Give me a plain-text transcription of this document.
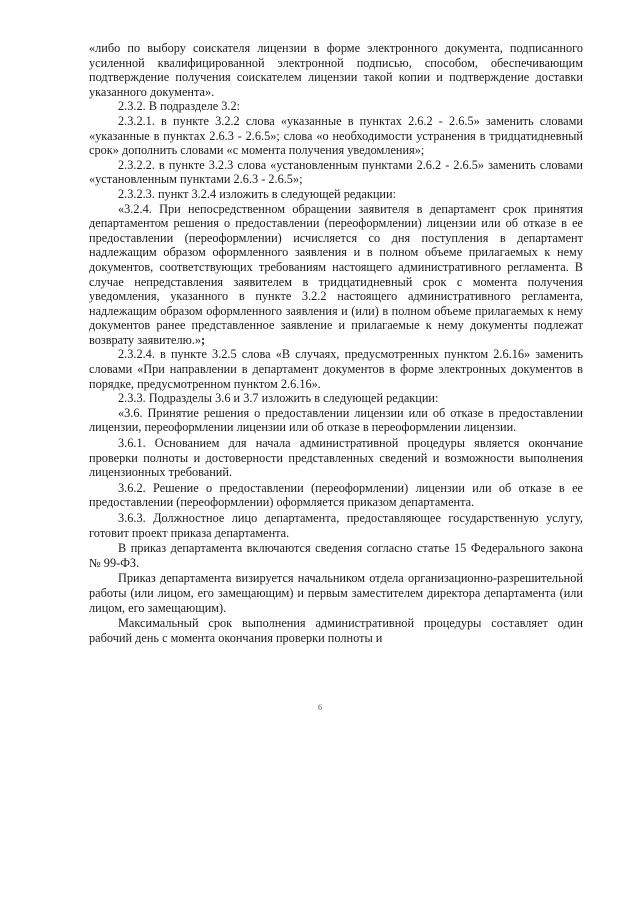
«либо по выбору соискателя лицензии в форме электронного документа, подписанного усиленной квалифицированной электронной подписью, способом, обеспечивающим подтверждение получения соискателем лицензии такой копии и подтверждение доставки указанного документа».

2.3.2. В подразделе 3.2:

2.3.2.1. в пункте 3.2.2 слова «указанные в пунктах 2.6.2 - 2.6.5» заменить словами «указанные в пунктах 2.6.3 - 2.6.5»; слова «о необходимости устранения в тридцатидневный срок» дополнить словами «с момента получения уведомления»;

2.3.2.2. в пункте 3.2.3 слова «установленным пунктами 2.6.2 - 2.6.5» заменить словами «установленным пунктами 2.6.3 - 2.6.5»;

2.3.2.3. пункт 3.2.4 изложить в следующей редакции:

«3.2.4. При непосредственном обращении заявителя в департамент срок принятия департаментом решения о предоставлении (переоформлении) лицензии или об отказе в ее предоставлении (переоформлении) исчисляется со дня поступления в департамент надлежащим образом оформленного заявления и в полном объеме прилагаемых к нему документов, соответствующих требованиям настоящего административного регламента. В случае непредставления заявителем в тридцатидневный срок с момента получения уведомления, указанного в пункте 3.2.2 настоящего административного регламента, надлежащим образом оформленного заявления и (или) в полном объеме прилагаемых к нему документов ранее представленное заявление и прилагаемые к нему документы подлежат возврату заявителю.»;

2.3.2.4. в пункте 3.2.5 слова «В случаях, предусмотренных пунктом 2.6.16» заменить словами «При направлении в департамент документов в форме электронных документов в порядке, предусмотренном пунктом 2.6.16».

2.3.3. Подразделы 3.6 и 3.7 изложить в следующей редакции:

«3.6. Принятие решения о предоставлении лицензии или об отказе в предоставлении лицензии, переоформлении лицензии или об отказе в переоформлении лицензии.

3.6.1. Основанием для начала административной процедуры является окончание проверки полноты и достоверности представленных сведений и возможности выполнения лицензионных требований.

3.6.2. Решение о предоставлении (переоформлении) лицензии или об отказе в ее предоставлении (переоформлении) оформляется приказом департамента.

3.6.3. Должностное лицо департамента, предоставляющее государственную услугу, готовит проект приказа департамента.

В приказ департамента включаются сведения согласно статье 15 Федерального закона № 99-ФЗ.

Приказ департамента визируется начальником отдела организационно-разрешительной работы (или лицом, его замещающим) и первым заместителем директора департамента (или лицом, его замещающим).

Максимальный срок выполнения административной процедуры составляет один рабочий день с момента окончания проверки полноты и

6
